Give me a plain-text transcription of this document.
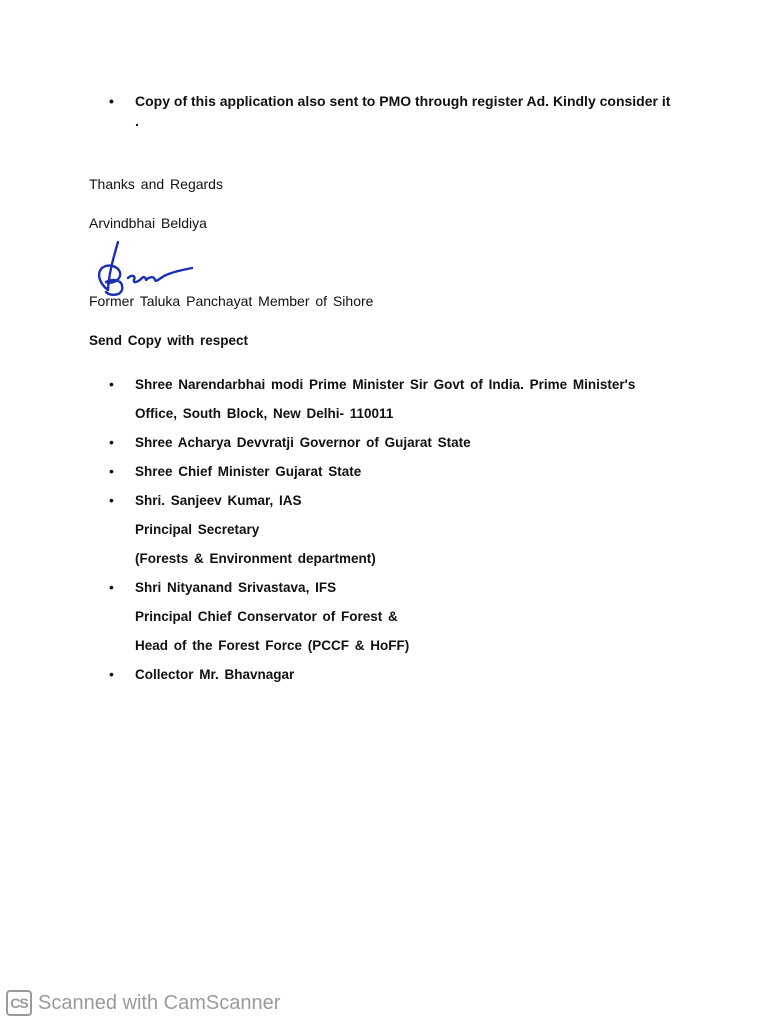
• Copy of this application also sent to PMO through register Ad. Kindly consider it
.
Thanks and Regards
Arvindbhai Beldiya
Former Taluka Panchayat Member of Sihore
Send Copy with respect
• Shree Narendarbhai modi Prime Minister Sir Govt of India. Prime Minister's
Office, South Block, New Delhi- 110011
• Shree Acharya Devvratji Governor of Gujarat State
• Shree Chief Minister Gujarat State
• Shri. Sanjeev Kumar, IAS
Principal Secretary
(Forests & Environment department)
• Shri Nityanand Srivastava, IFS
Principal Chief Conservator of Forest &
Head of the Forest Force (PCCF & HoFF)
• Collector Mr. Bhavnagar
CS Scanned with CamScanner
